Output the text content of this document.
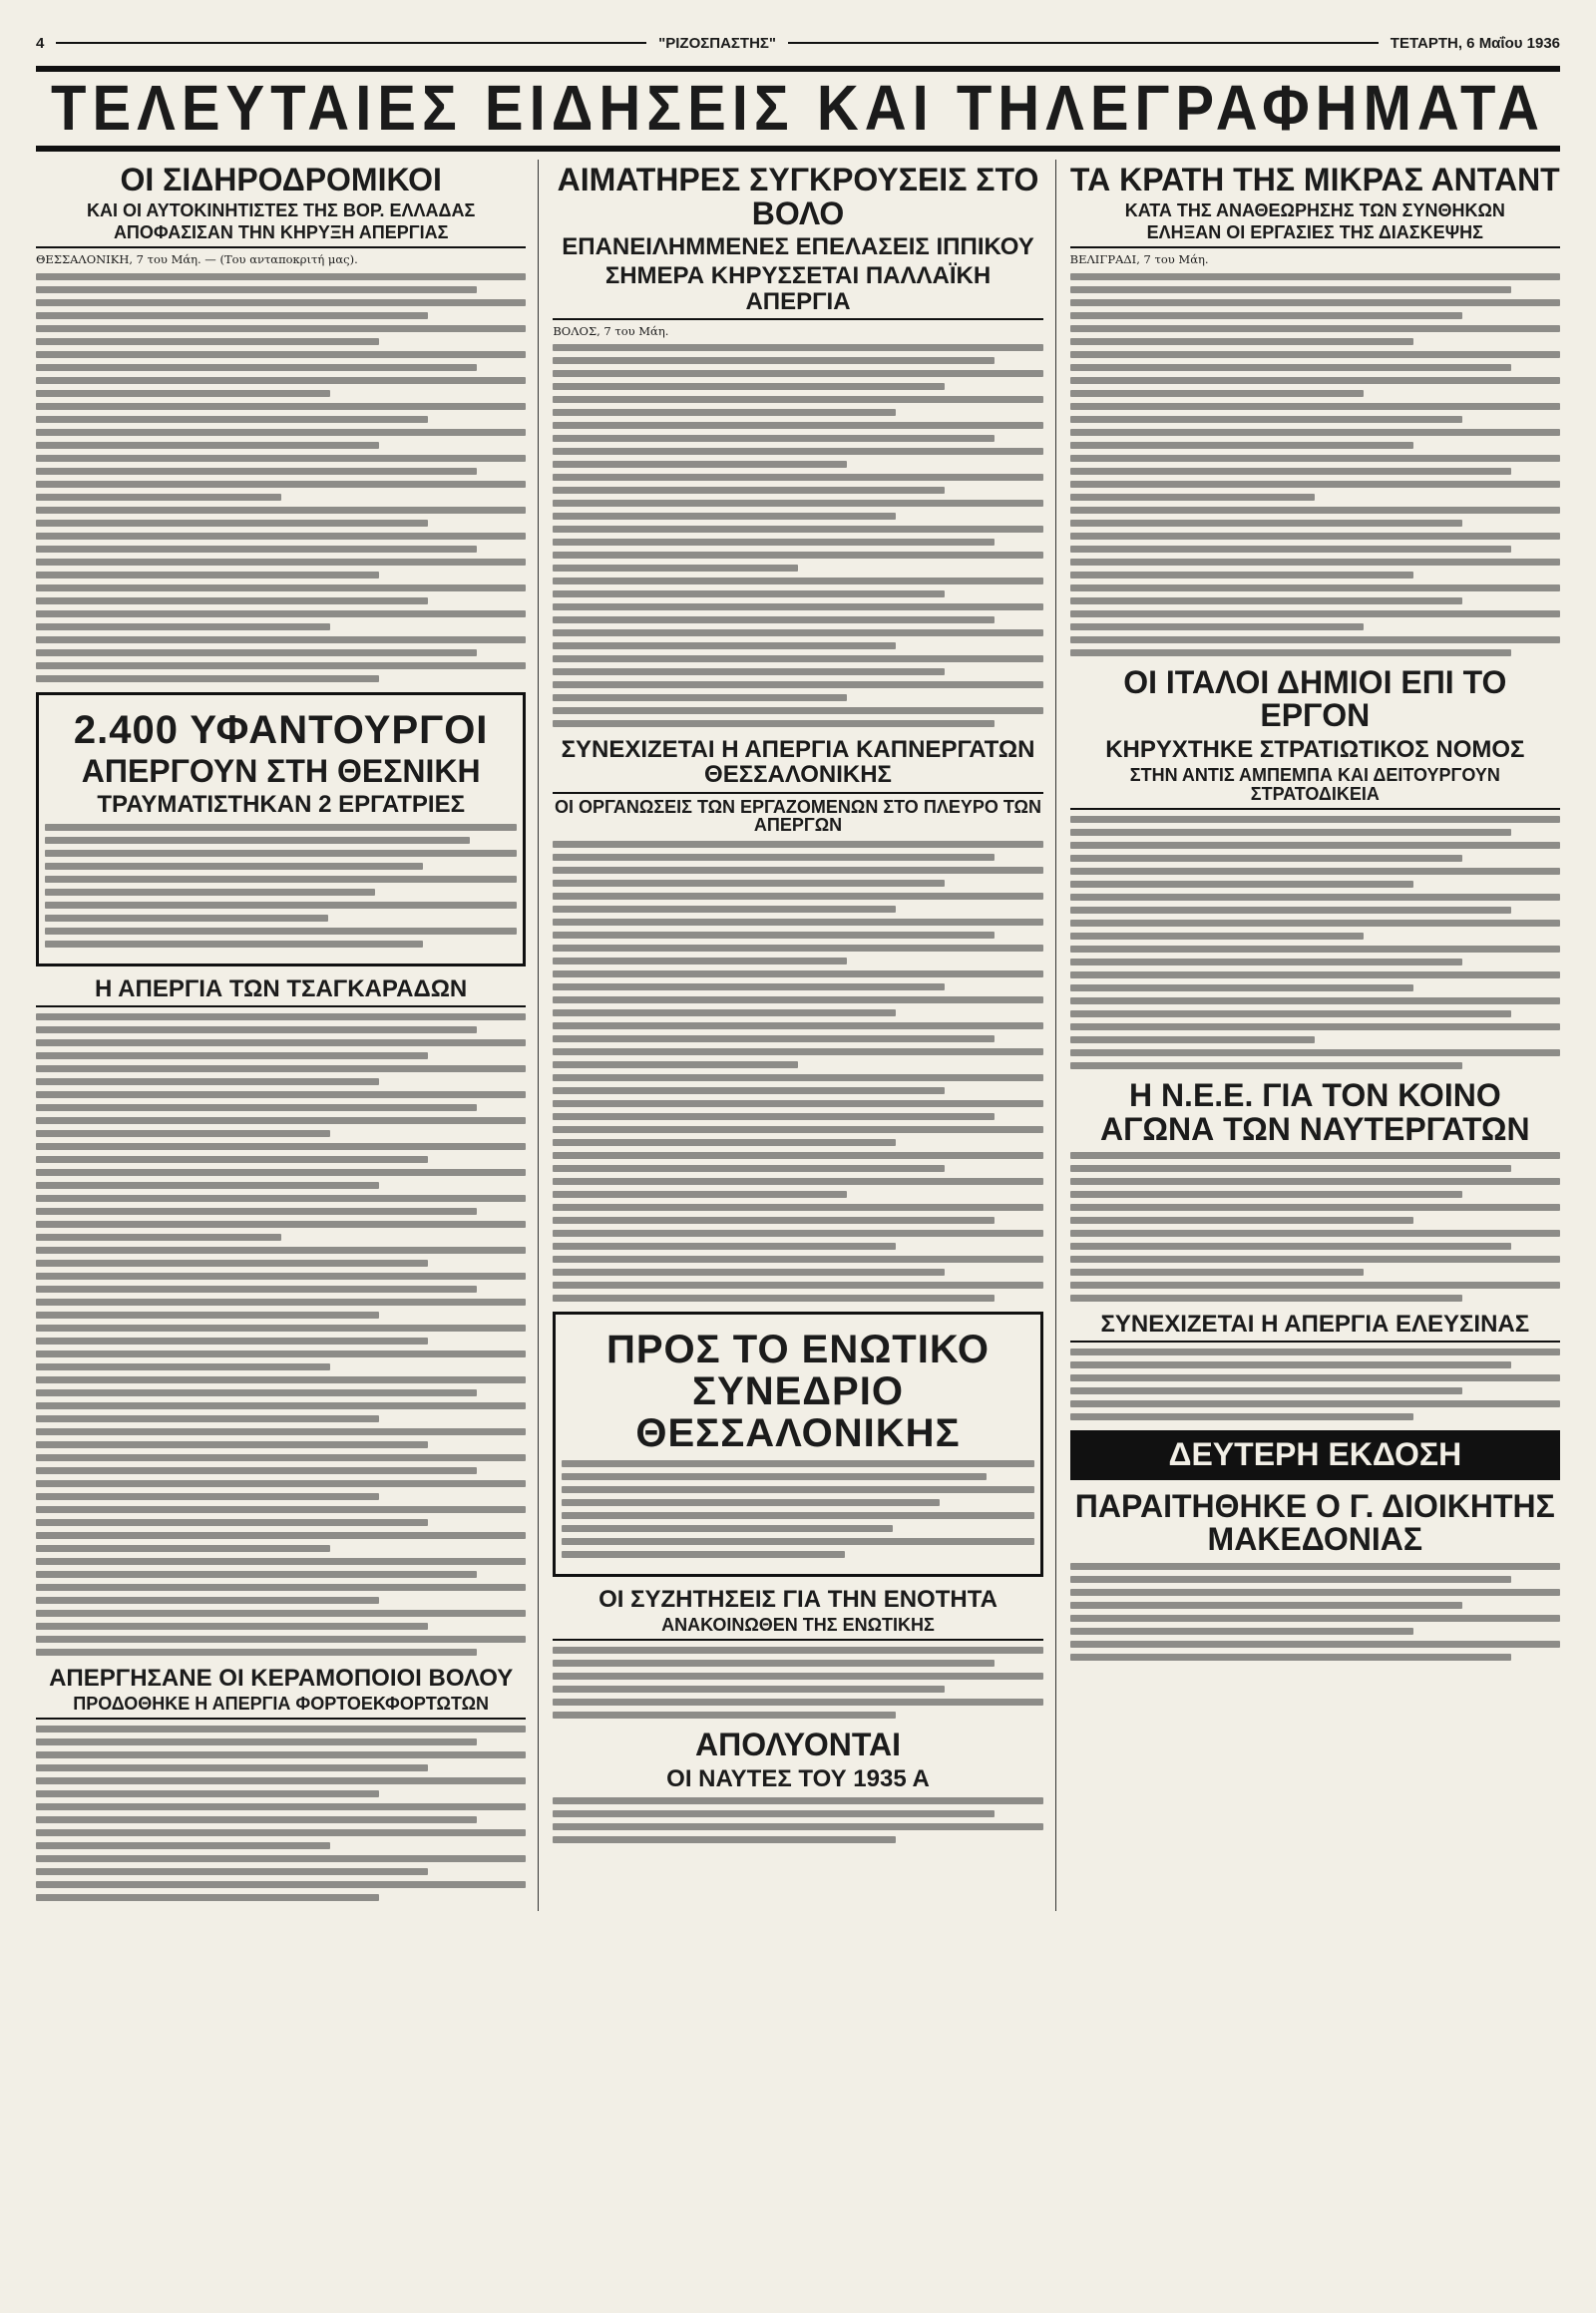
4	"ΡΙΖΟΣΠΑΣΤΗΣ"	ΤΕΤΑΡΤΗ, 6 Μαΐου 1936
ΤΕΛΕΥΤΑΙΕΣ ΕΙΔΗΣΕΙΣ ΚΑΙ ΤΗΛΕΓΡΑΦΗΜΑΤΑ
ΟΙ ΣΙΔΗΡΟΔΡΟΜΙΚΟΙ
ΚΑΙ ΟΙ ΑΥΤΟΚΙΝΗΤΙΣΤΕΣ ΤΗΣ ΒΟΡ. ΕΛΛΑΔΑΣ
ΑΠΟΦΑΣΙΣΑΝ ΤΗΝ ΚΗΡΥΞΗ ΑΠΕΡΓΙΑΣ
ΘΕΣΣΑΛΟΝΙΚΗ, 7 του Μάη. — (Του ανταποκριτή μας).
2.400 ΥΦΑΝΤΟΥΡΓΟΙ
ΑΠΕΡΓΟΥΝ ΣΤΗ ΘΕΣΝΙΚΗ
ΤΡΑΥΜΑΤΙΣΤΗΚΑΝ 2 ΕΡΓΑΤΡΙΕΣ
Η ΑΠΕΡΓΙΑ ΤΩΝ ΤΣΑΓΚΑΡΑΔΩΝ
ΑΠΕΡΓΗΣΑΝΕ ΟΙ ΚΕΡΑΜΟΠΟΙΟΙ ΒΟΛΟΥ
ΠΡΟΔΟΘΗΚΕ Η ΑΠΕΡΓΙΑ ΦΟΡΤΟΕΚΦΟΡΤΩΤΩΝ
ΑΙΜΑΤΗΡΕΣ ΣΥΓΚΡΟΥΣΕΙΣ ΣΤΟ ΒΟΛΟ
ΕΠΑΝΕΙΛΗΜΜΕΝΕΣ ΕΠΕΛΑΣΕΙΣ ΙΠΠΙΚΟΥ
ΣΗΜΕΡΑ ΚΗΡΥΣΣΕΤΑΙ ΠΑΛΛΑΪΚΗ ΑΠΕΡΓΙΑ
ΒΟΛΟΣ, 7 του Μάη.
ΣΥΝΕΧΙΖΕΤΑΙ Η ΑΠΕΡΓΙΑ ΚΑΠΝΕΡΓΑΤΩΝ ΘΕΣΣΑΛΟΝΙΚΗΣ
ΟΙ ΟΡΓΑΝΩΣΕΙΣ ΤΩΝ ΕΡΓΑΖΟΜΕΝΩΝ ΣΤΟ ΠΛΕΥΡΟ ΤΩΝ ΑΠΕΡΓΩΝ
ΠΡΟΣ ΤΟ ΕΝΩΤΙΚΟ ΣΥΝΕΔΡΙΟ ΘΕΣΣΑΛΟΝΙΚΗΣ
ΟΙ ΣΥΖΗΤΗΣΕΙΣ ΓΙΑ ΤΗΝ ΕΝΟΤΗΤΑ
ΑΝΑΚΟΙΝΩΘΕΝ ΤΗΣ ΕΝΩΤΙΚΗΣ
ΑΠΟΛΥΟΝΤΑΙ
ΟΙ ΝΑΥΤΕΣ ΤΟΥ 1935 Α
ΤΑ ΚΡΑΤΗ ΤΗΣ ΜΙΚΡΑΣ ΑΝΤΑΝΤ
ΚΑΤΑ ΤΗΣ ΑΝΑΘΕΩΡΗΣΗΣ ΤΩΝ ΣΥΝΘΗΚΩΝ
ΕΛΗΞΑΝ ΟΙ ΕΡΓΑΣΙΕΣ ΤΗΣ ΔΙΑΣΚΕΨΗΣ
ΒΕΛΙΓΡΑΔΙ, 7 του Μάη.
ΟΙ ΙΤΑΛΟΙ ΔΗΜΙΟΙ ΕΠΙ ΤΟ ΕΡΓΟΝ
ΚΗΡΥΧΤΗΚΕ ΣΤΡΑΤΙΩΤΙΚΟΣ ΝΟΜΟΣ
ΣΤΗΝ ΑΝΤΙΣ ΑΜΠΕΜΠΑ ΚΑΙ ΔΕΙΤΟΥΡΓΟΥΝ ΣΤΡΑΤΟΔΙΚΕΙΑ
Η Ν.Ε.Ε. ΓΙΑ ΤΟΝ ΚΟΙΝΟ ΑΓΩΝΑ ΤΩΝ ΝΑΥΤΕΡΓΑΤΩΝ
ΣΥΝΕΧΙΖΕΤΑΙ Η ΑΠΕΡΓΙΑ ΕΛΕΥΣΙΝΑΣ
ΔΕΥΤΕΡΗ ΕΚΔΟΣΗ
ΠΑΡΑΙΤΗΘΗΚΕ Ο Γ. ΔΙΟΙΚΗΤΗΣ ΜΑΚΕΔΟΝΙΑΣ
